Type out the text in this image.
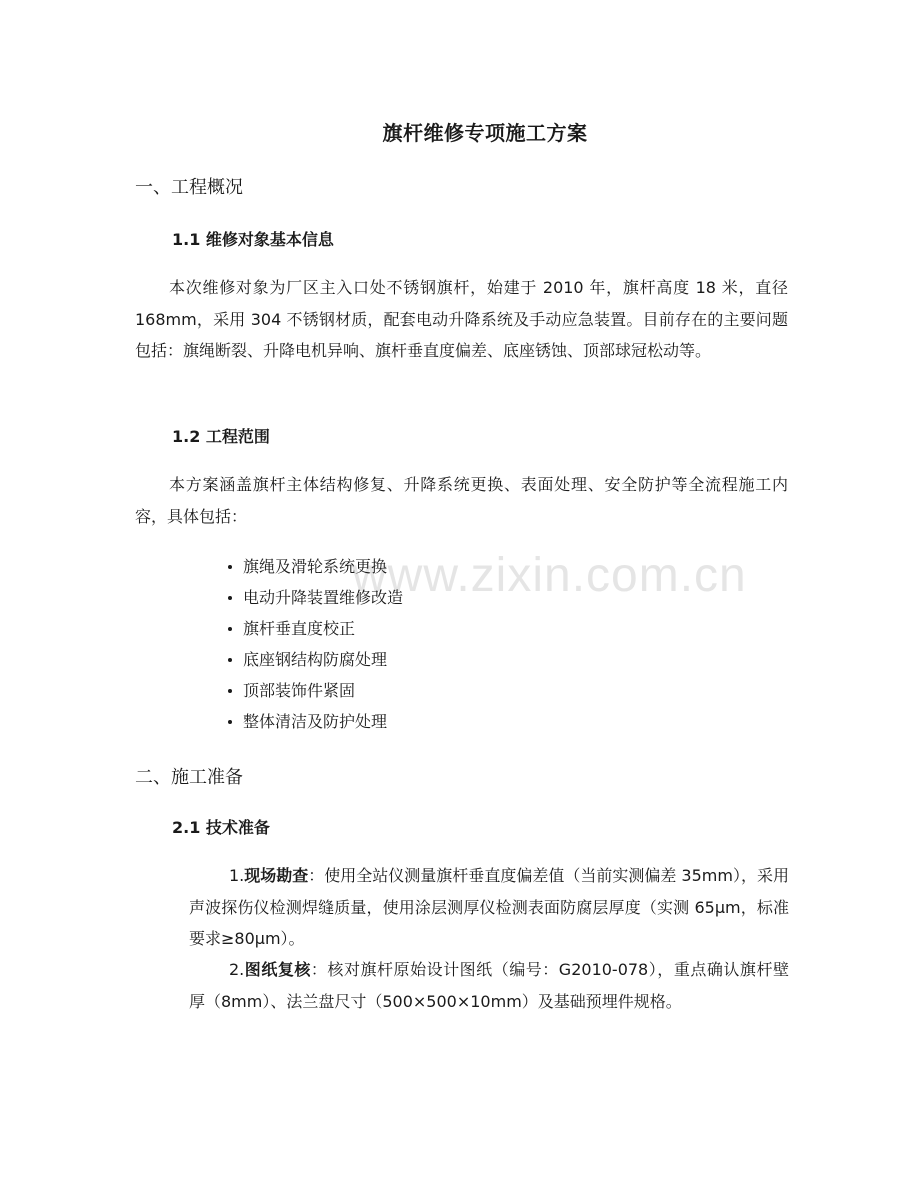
www.zixin.com.cn
旗杆维修专项施工方案
一、工程概况
1.1 维修对象基本信息
本次维修对象为厂区主入口处不锈钢旗杆，始建于 2010 年，旗杆高度 18 米，直径 168mm，采用 304 不锈钢材质，配套电动升降系统及手动应急装置。目前存在的主要问题包括：旗绳断裂、升降电机异响、旗杆垂直度偏差、底座锈蚀、顶部球冠松动等。
1.2 工程范围
本方案涵盖旗杆主体结构修复、升降系统更换、表面处理、安全防护等全流程施工内容，具体包括：
旗绳及滑轮系统更换
电动升降装置维修改造
旗杆垂直度校正
底座钢结构防腐处理
顶部装饰件紧固
整体清洁及防护处理
二、施工准备
2.1 技术准备
1.现场勘查：使用全站仪测量旗杆垂直度偏差值（当前实测偏差 35mm），采用声波探伤仪检测焊缝质量，使用涂层测厚仪检测表面防腐层厚度（实测 65μm，标准要求≥80μm）。
2.图纸复核：核对旗杆原始设计图纸（编号：G2010-078），重点确认旗杆壁厚（8mm）、法兰盘尺寸（500×500×10mm）及基础预埋件规格。
